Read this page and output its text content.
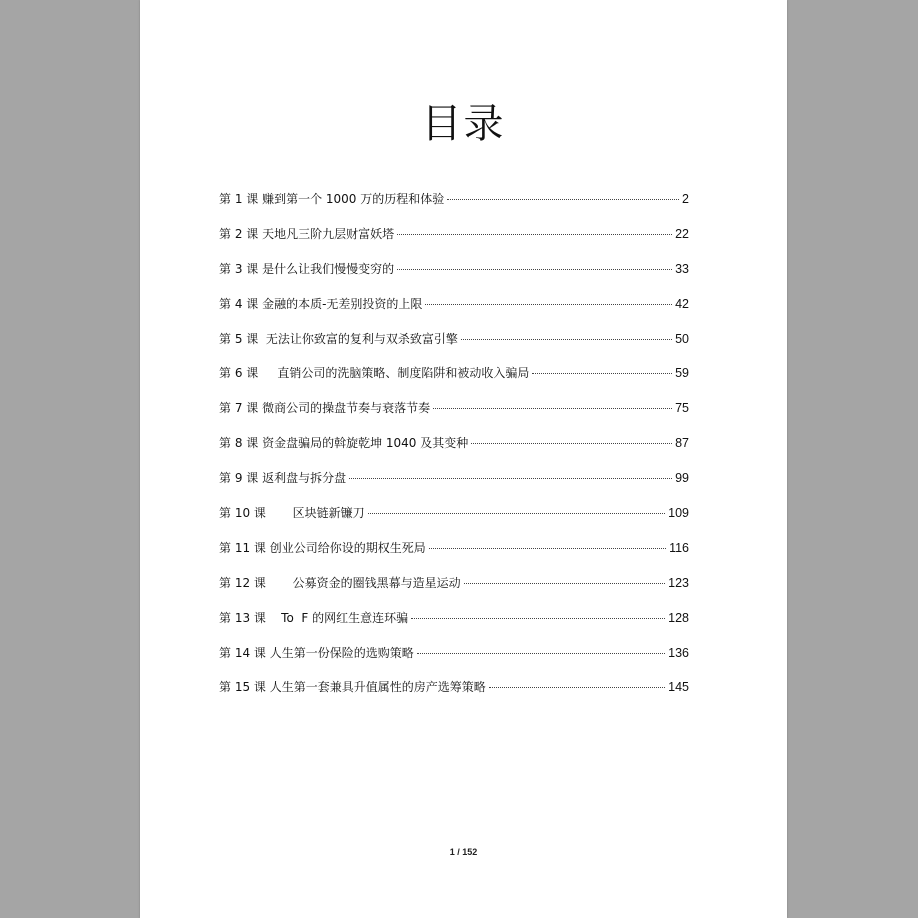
目录
第 1 课 赚到第一个 1000 万的历程和体验	2
第 2 课 天地凡三阶九层财富妖塔	22
第 3 课 是什么让我们慢慢变穷的	33
第 4 课 金融的本质-无差别投资的上限	42
第 5 课  无法让你致富的复利与双杀致富引擎	50
第 6 课     直销公司的洗脑策略、制度陷阱和被动收入骗局	59
第 7 课 微商公司的操盘节奏与衰落节奏	75
第 8 课 资金盘骗局的斡旋乾坤 1040 及其变种	87
第 9 课 返利盘与拆分盘	99
第 10 课       区块链新镰刀	109
第 11 课 创业公司给你设的期权生死局	116
第 12 课       公募资金的圈钱黑幕与造星运动	123
第 13 课    To  F 的网红生意连环骗	128
第 14 课 人生第一份保险的选购策略	136
第 15 课 人生第一套兼具升值属性的房产选筹策略	145
1 / 152
